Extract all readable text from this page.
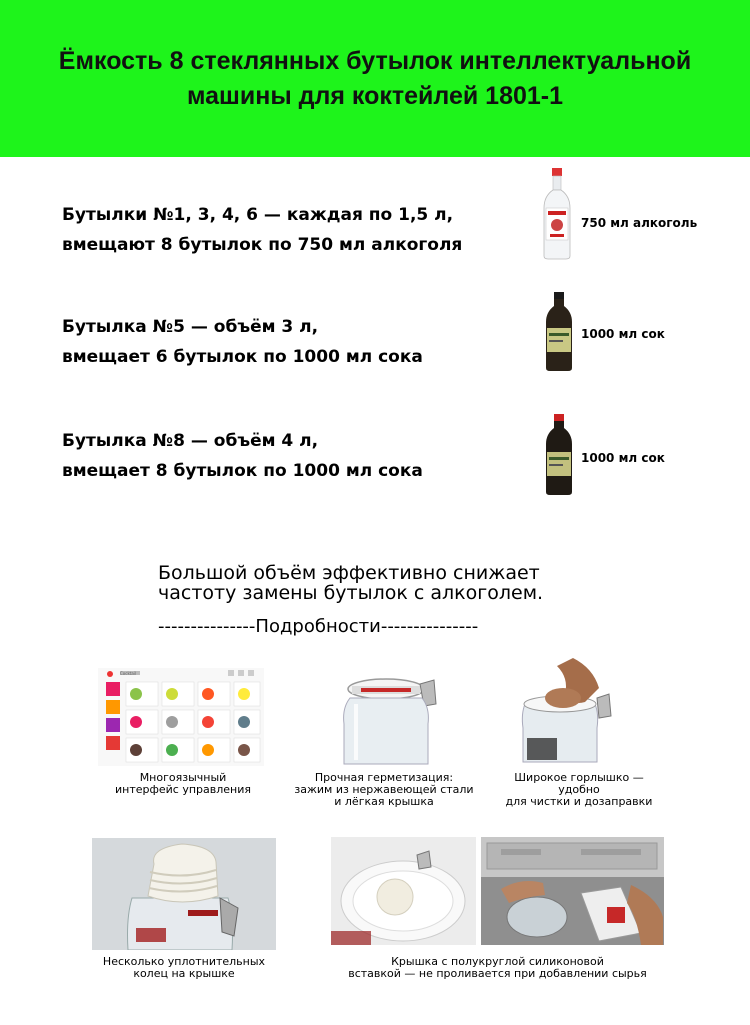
Ёмкость 8 стеклянных бутылок интеллектуальной
машины для коктейлей 1801-1
Бутылки №1, 3, 4, 6 — каждая по 1,5 л,
вмещают 8 бутылок по 750 мл алкоголя
750 мл алкоголь
Бутылка №5 — объём 3 л,
вмещает 6 бутылок по 1000 мл сока
1000 мл сок
Бутылка №8 — объём 4 л,
вмещает 8 бутылок по 1000 мл сока
1000 мл сок
Большой объём эффективно снижает
частоту замены бутылок с алкоголем.
---------------Подробности---------------
Cocktail
Многоязычный
интерфейс управления
Прочная герметизация:
зажим из нержавеющей стали
и лёгкая крышка
Широкое горлышко — удобно
для чистки и дозаправки
Несколько уплотнительных
колец на крышке
Крышка с полукруглой силиконовой
вставкой — не проливается при добавлении сырья
